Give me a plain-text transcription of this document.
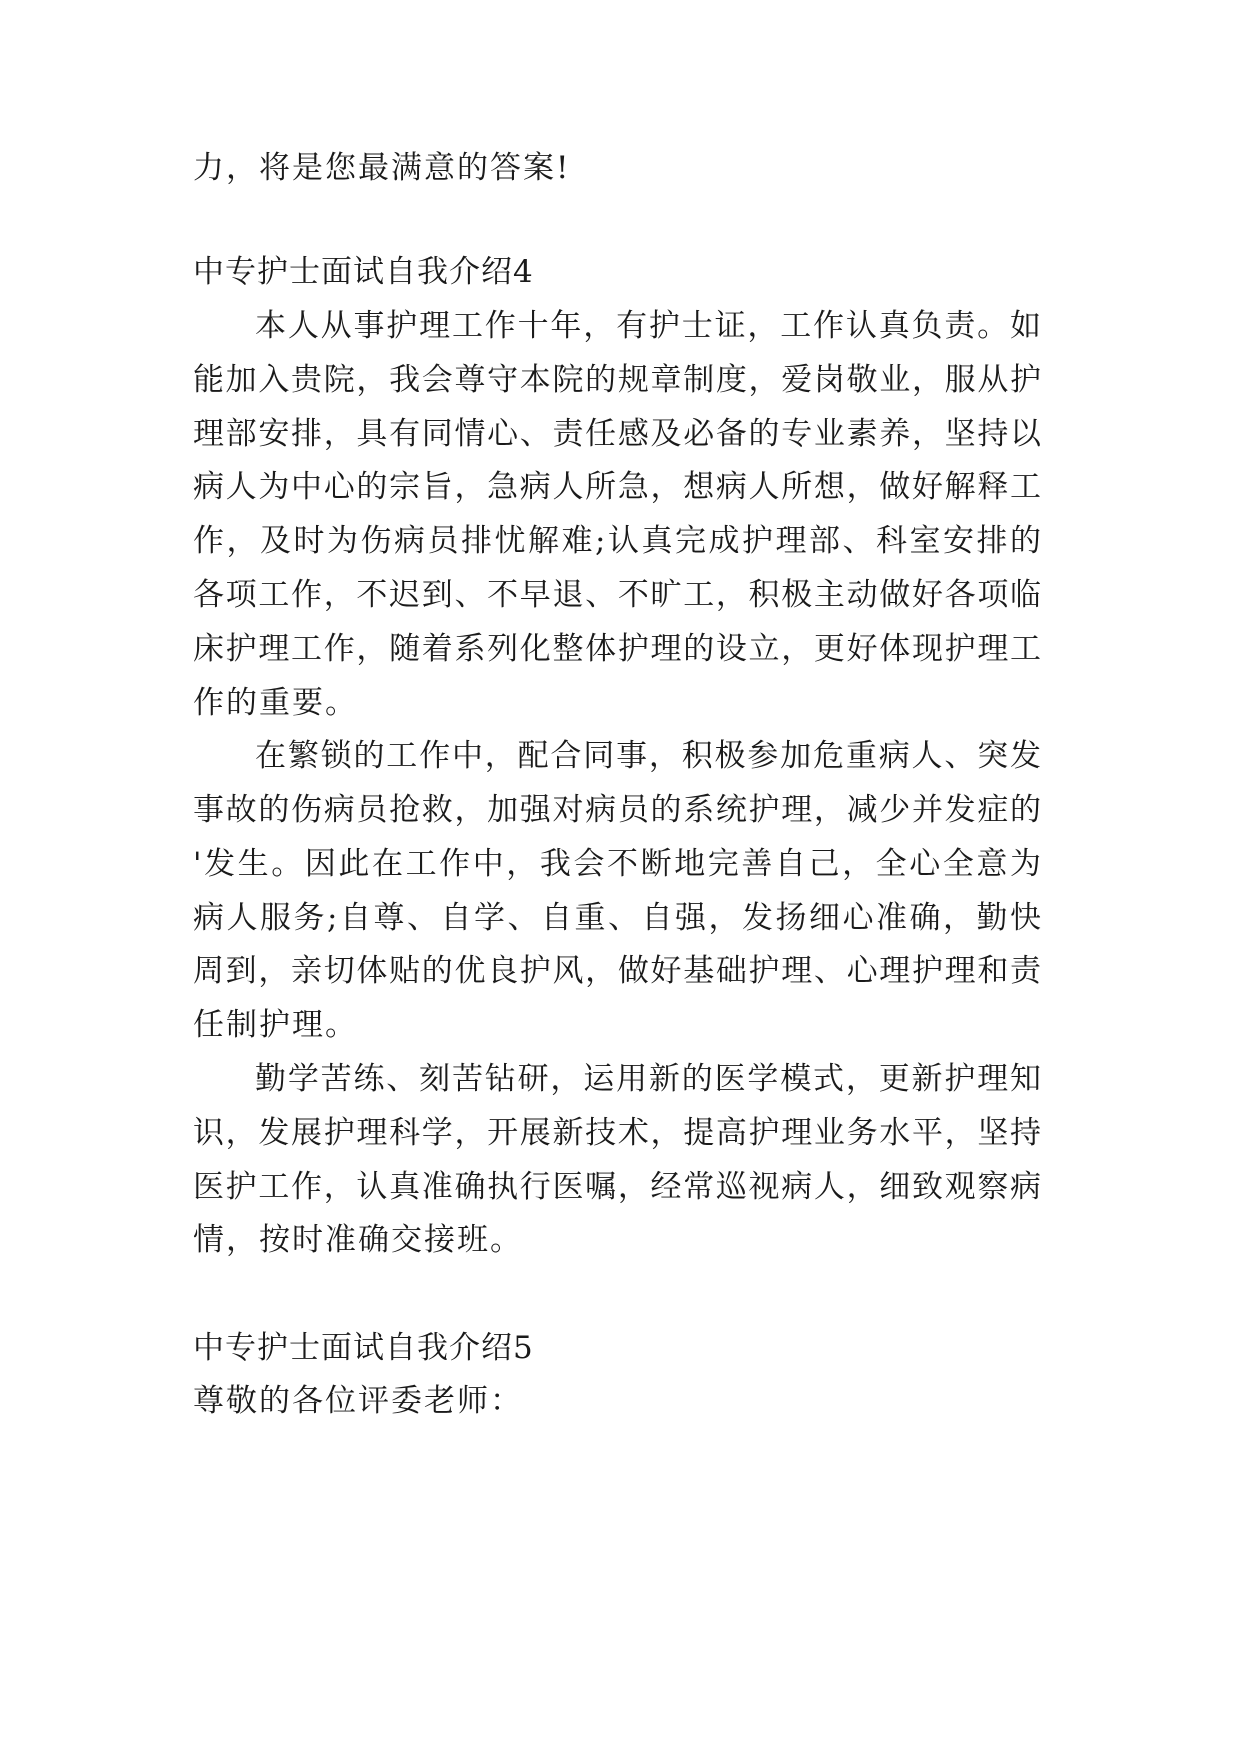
力，将是您最满意的答案!

中专护士面试自我介绍4

本人从事护理工作十年，有护士证，工作认真负责。如

能加入贵院，我会尊守本院的规章制度，爱岗敬业，服从护

理部安排，具有同情心、责任感及必备的专业素养，坚持以

病人为中心的宗旨，急病人所急，想病人所想，做好解释工

作，及时为伤病员排忧解难;认真完成护理部、科室安排的

各项工作，不迟到、不早退、不旷工，积极主动做好各项临

床护理工作，随着系列化整体护理的设立，更好体现护理工

作的重要。

在繁锁的工作中，配合同事，积极参加危重病人、突发

事故的伤病员抢救，加强对病员的系统护理，减少并发症的

'发生。因此在工作中，我会不断地完善自己，全心全意为

病人服务;自尊、自学、自重、自强，发扬细心准确，勤快

周到，亲切体贴的优良护风，做好基础护理、心理护理和责

任制护理。

勤学苦练、刻苦钻研，运用新的医学模式，更新护理知

识，发展护理科学，开展新技术，提高护理业务水平，坚持

医护工作，认真准确执行医嘱，经常巡视病人，细致观察病

情，按时准确交接班。

中专护士面试自我介绍5

尊敬的各位评委老师：
